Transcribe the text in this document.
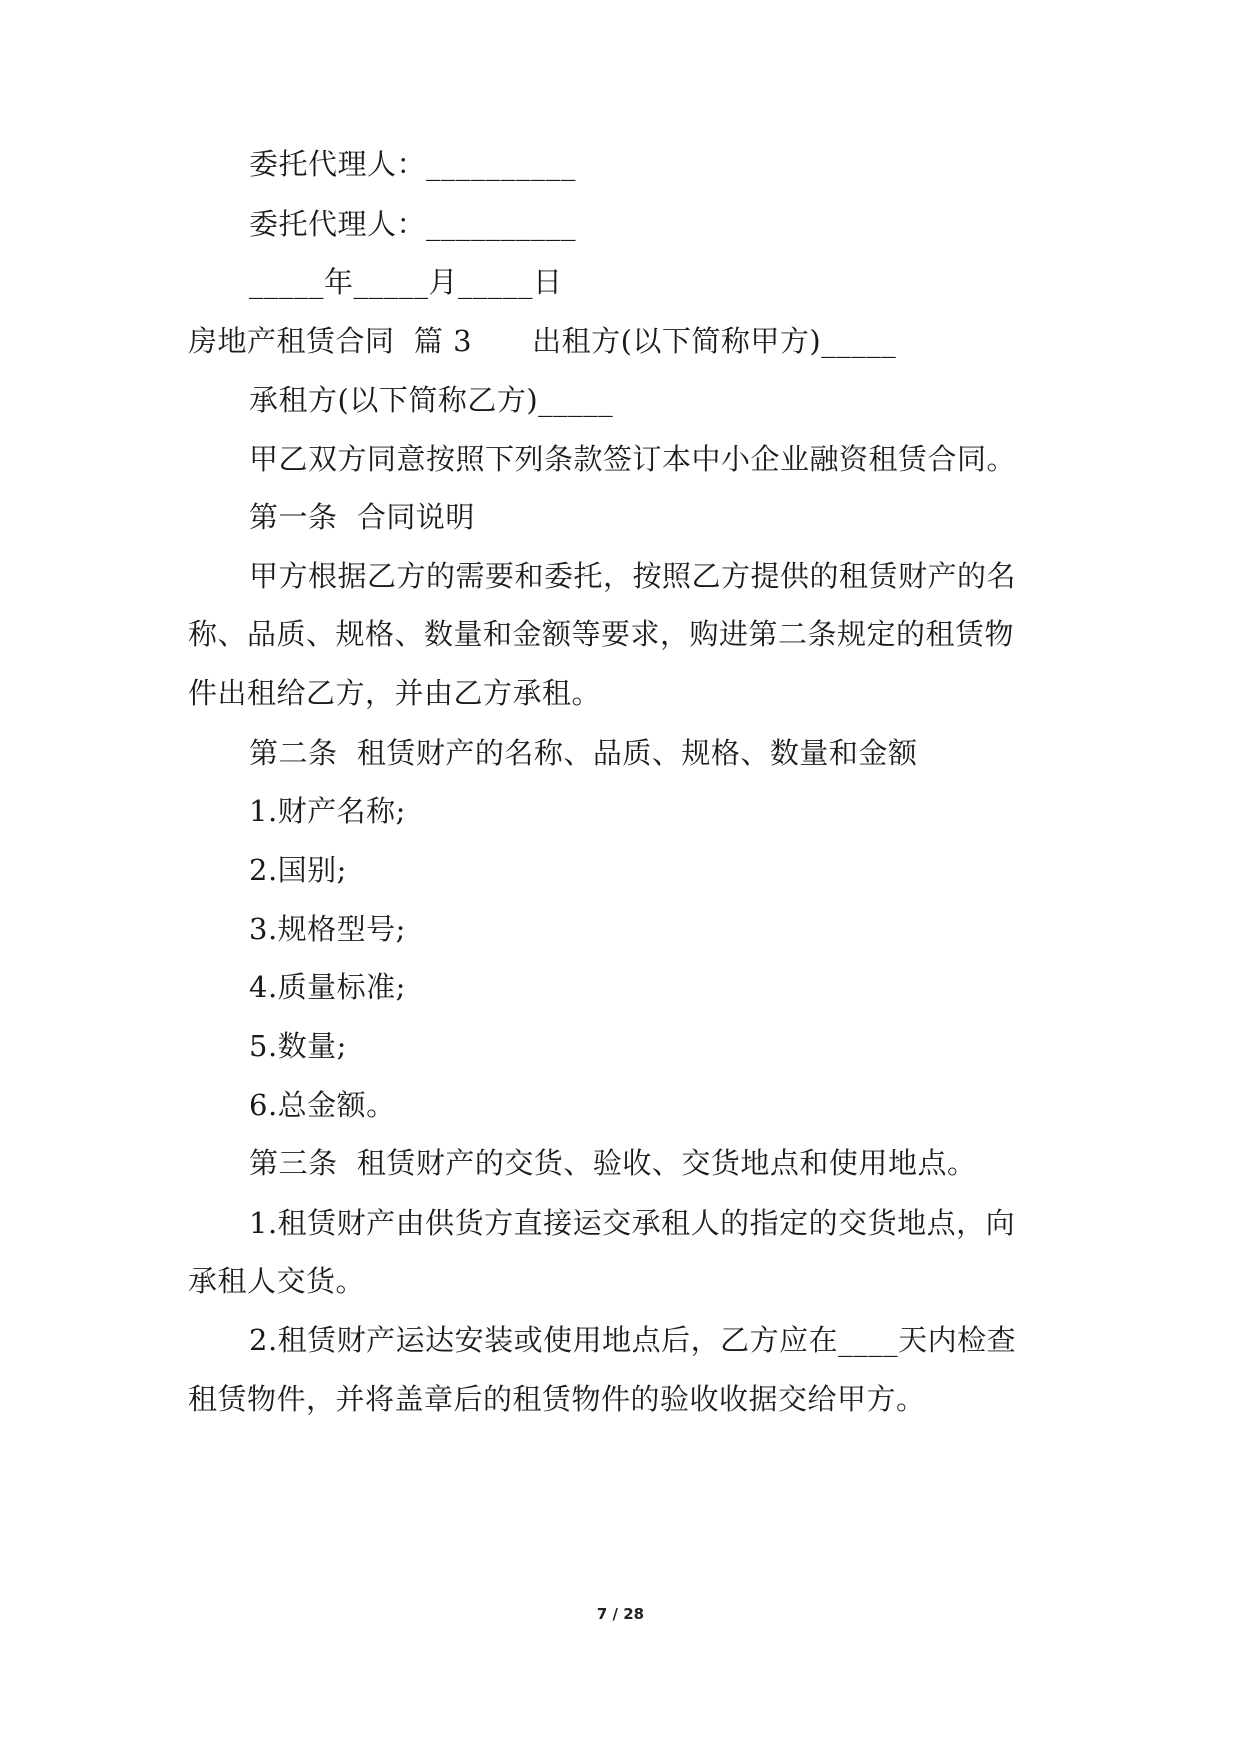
委托代理人：__________
委托代理人：__________
_____年_____月_____日
房地产租赁合同  篇 3 出租方(以下简称甲方)_____
承租方(以下简称乙方)_____
甲乙双方同意按照下列条款签订本中小企业融资租赁合同。
第一条  合同说明
甲方根据乙方的需要和委托，按照乙方提供的租赁财产的名
称、品质、规格、数量和金额等要求，购进第二条规定的租赁物
件出租给乙方，并由乙方承租。
第二条  租赁财产的名称、品质、规格、数量和金额
1.财产名称;
2.国别;
3.规格型号;
4.质量标准;
5.数量;
6.总金额。
第三条  租赁财产的交货、验收、交货地点和使用地点。
1.租赁财产由供货方直接运交承租人的指定的交货地点，向
承租人交货。
2.租赁财产运达安装或使用地点后，乙方应在____天内检查
租赁物件，并将盖章后的租赁物件的验收收据交给甲方。
7 / 28
